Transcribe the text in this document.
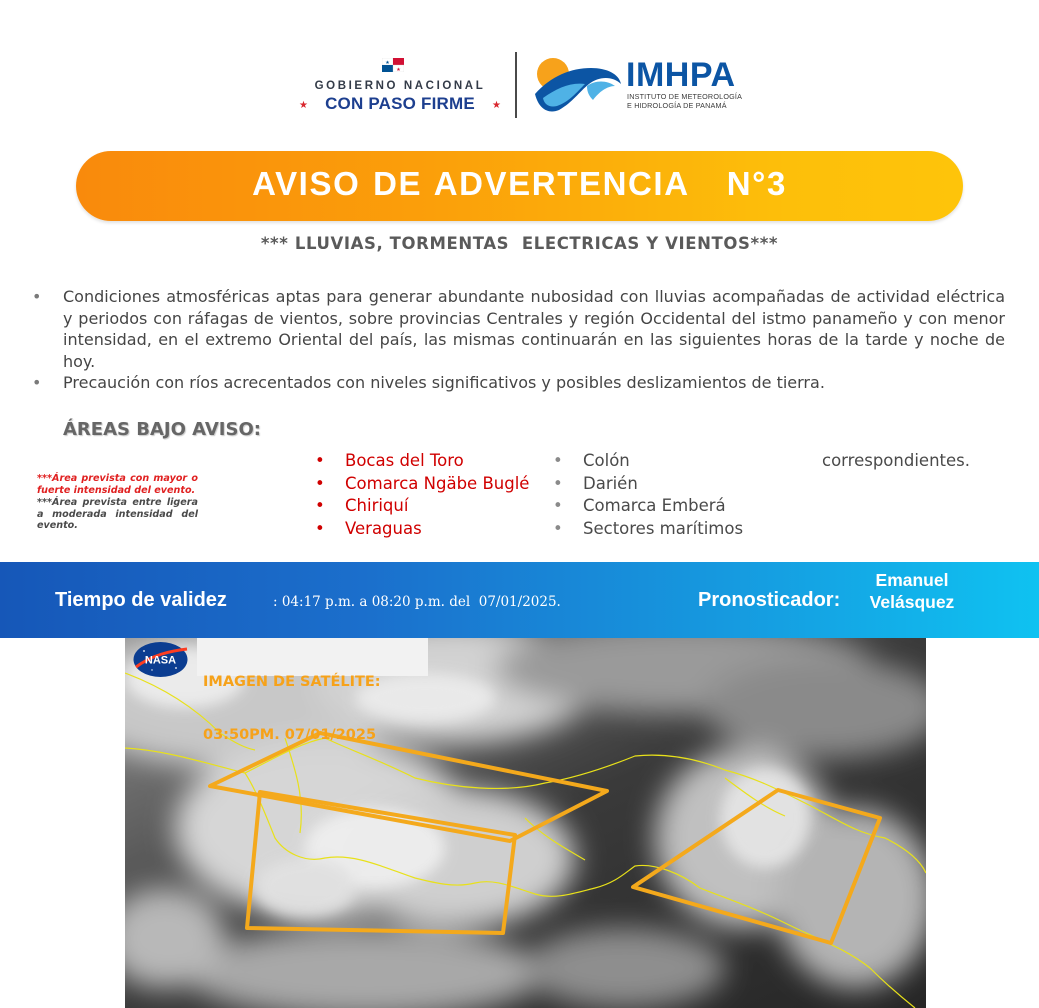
★
★
GOBIERNO NACIONAL
★	CON PASO FIRME	★
IMHPA
INSTITUTO DE METEOROLOGÍA
E HIDROLOGÍA DE PANAMÁ
AVISO DE ADVERTENCIA   N°3
*** LLUVIAS, TORMENTAS  ELECTRICAS Y VIENTOS***
• Condiciones atmosféricas aptas para generar abundante nubosidad con lluvias acompañadas de actividad eléctrica y periodos con ráfagas de vientos, sobre provincias Centrales y región Occidental del istmo panameño y con menor intensidad, en el extremo Oriental del país, las mismas continuarán en las siguientes horas de la tarde y noche de hoy.
• Precaución con ríos acrecentados con niveles significativos y posibles deslizamientos de tierra.
ÁREAS BAJO AVISO:
***Área prevista con mayor o fuerte intensidad del evento.
***Área prevista entre ligera a moderada intensidad del evento.
• Bocas del Toro
• Comarca Ngäbe Buglé
• Chiriquí
• Veraguas
• Colón
• Darién
• Comarca Emberá
• Sectores marítimos
correspondientes.
Tiempo de validez	: 04:17 p.m. a 08:20 p.m. del  07/01/2025.	Pronosticador:
Emanuel
Velásquez
NASA

IMAGEN DE SATÉLITE:

03:50PM. 07/01/2025
